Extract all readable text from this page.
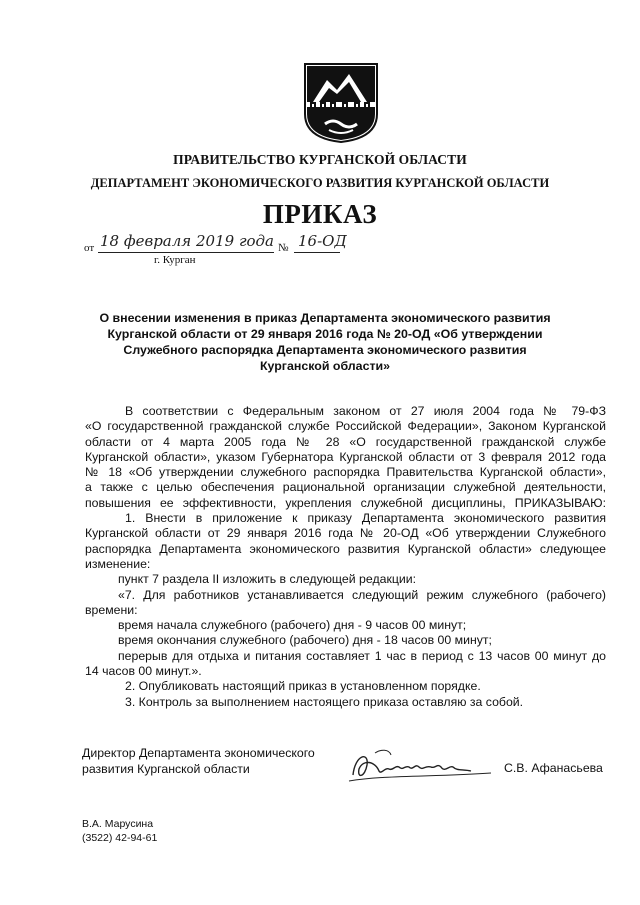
ПРАВИТЕЛЬСТВО КУРГАНСКОЙ ОБЛАСТИ
ДЕПАРТАМЕНТ ЭКОНОМИЧЕСКОГО РАЗВИТИЯ КУРГАНСКОЙ ОБЛАСТИ
ПРИКАЗ
от 18 февраля 2019 года № 16-ОД
г. Курган
О внесении изменения в приказ Департамента экономического развития Курганской области от 29 января 2016 года № 20-ОД «Об утверждении Служебного распорядка Департамента экономического развития Курганской области»

В соответствии с Федеральным законом от 27 июля 2004 года № 79-ФЗ

«О государственной гражданской службе Российской Федерации», Законом Курганской

области от 4 марта 2005 года № 28 «О государственной гражданской службе

Курганской области», указом Губернатора Курганской области от 3 февраля 2012 года

№ 18 «Об утверждении служебного распорядка Правительства Курганской области»,

а также с целью обеспечения рациональной организации служебной деятельности,

повышения ее эффективности, укрепления служебной дисциплины, ПРИКАЗЫВАЮ:

1. Внести в приложение к приказу Департамента экономического развития

Курганской области от 29 января 2016 года № 20-ОД «Об утверждении Служебного

распорядка Департамента экономического развития Курганской области» следующее

изменение:

пункт 7 раздела II изложить в следующей редакции:

«7. Для работников устанавливается следующий режим служебного (рабочего)

времени:

время начала служебного (рабочего) дня - 9 часов 00 минут;

время окончания служебного (рабочего) дня - 18 часов 00 минут;

перерыв для отдыха и питания составляет 1 час в период с 13 часов 00 минут до

14 часов 00 минут.».

2. Опубликовать настоящий приказ в установленном порядке.

3. Контроль за выполнением настоящего приказа оставляю за собой.

Директор Департамента экономического
развития Курганской области	С.В. Афанасьева
В.А. Марусина
(3522) 42-94-61
